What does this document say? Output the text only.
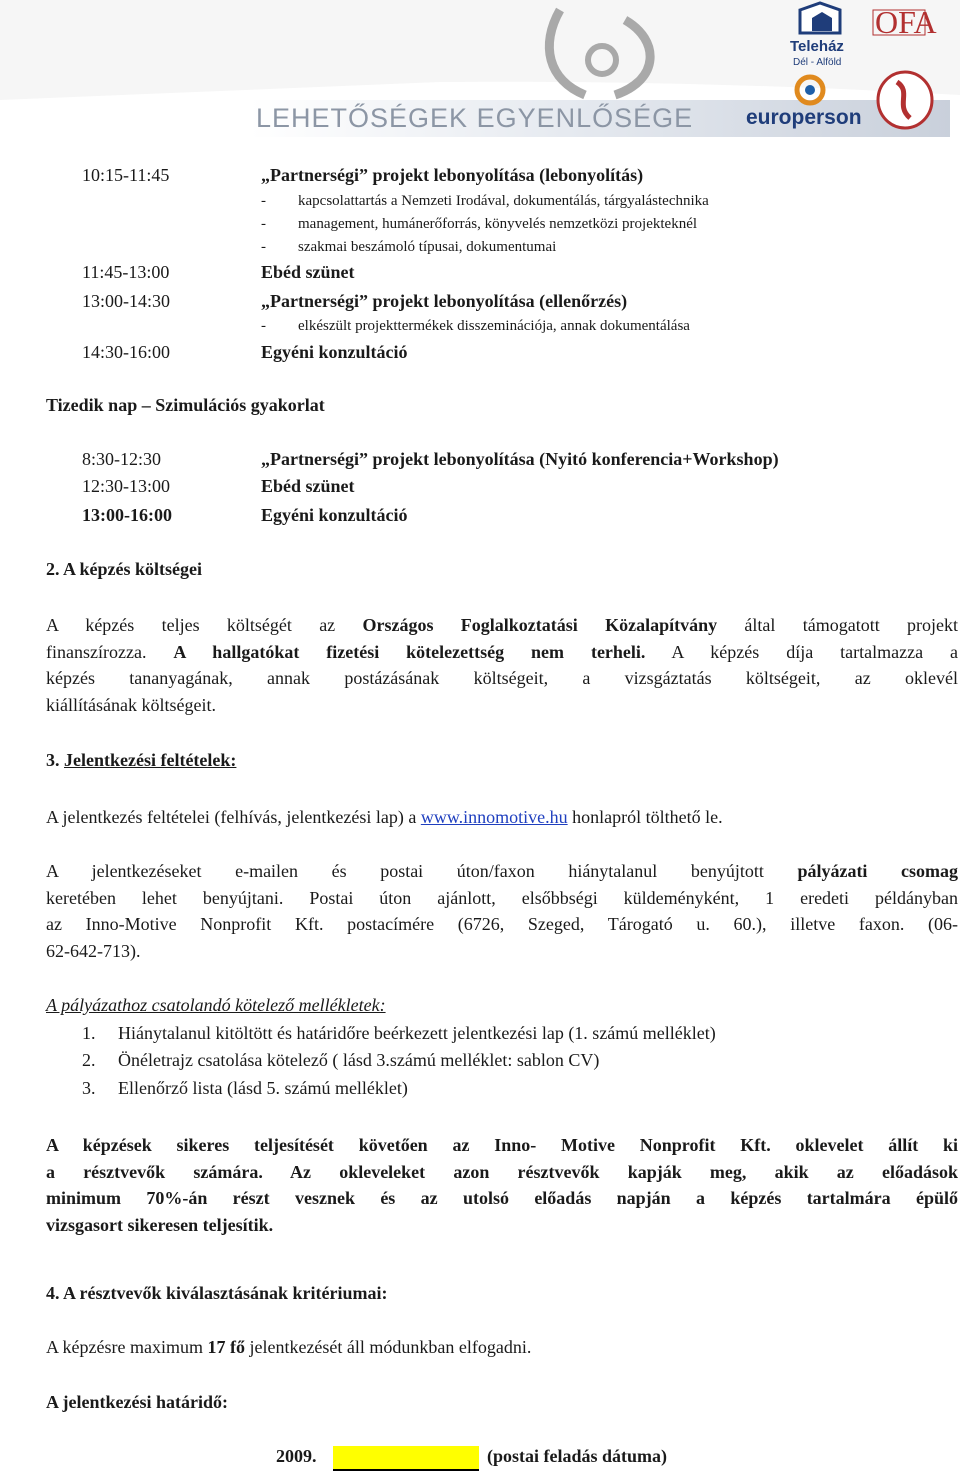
LEHETŐSÉGEK EGYENLŐSÉGE
Teleház
Dél - Alföld
OFA
europerson
10:15-11:45	„Partnerségi” projekt lebonyolítása (lebonyolítás)
- kapcsolattartás a Nemzeti Irodával, dokumentálás, tárgyalástechnika
- management, humánerőforrás, könyvelés nemzetközi projekteknél
- szakmai beszámoló típusai, dokumentumai
11:45-13:00	Ebéd szünet
13:00-14:30	„Partnerségi” projekt lebonyolítása (ellenőrzés)
- elkészült projekttermékek disszeminációja, annak dokumentálása
14:30-16:00	Egyéni konzultáció
Tizedik nap – Szimulációs gyakorlat
8:30-12:30	„Partnerségi” projekt lebonyolítása (Nyitó konferencia+Workshop)
12:30-13:00	Ebéd szünet
13:00-16:00	Egyéni konzultáció
2. A képzés költségei
A képzés teljes költségét az Országos Foglalkoztatási Közalapítvány által támogatott projekt
finanszírozza. A hallgatókat fizetési kötelezettség nem terheli. A képzés díja tartalmazza a
képzés tananyagának, annak postázásának költségeit, a vizsgáztatás költségeit, az oklevél
kiállításának költségeit.
3. Jelentkezési feltételek:
A jelentkezés feltételei (felhívás, jelentkezési lap) a www.innomotive.hu honlapról tölthető le.
A jelentkezéseket e-mailen és postai úton/faxon hiánytalanul benyújtott pályázati csomag
keretében lehet benyújtani. Postai úton ajánlott, elsőbbségi küldeményként, 1 eredeti példányban
az Inno-Motive Nonprofit Kft. postacímére (6726, Szeged, Tárogató u. 60.), illetve faxon. (06-
62-642-713).
A pályázathoz csatolandó kötelező mellékletek:
1. Hiánytalanul kitöltött és határidőre beérkezett jelentkezési lap (1. számú melléklet)
2. Önéletrajz csatolása kötelező ( lásd 3.számú melléklet: sablon CV)
3. Ellenőrző lista (lásd 5. számú melléklet)
A képzések sikeres teljesítését követően az Inno- Motive Nonprofit Kft. oklevelet állít ki
a résztvevők számára. Az okleveleket azon résztvevők kapják meg, akik az előadások
minimum 70%-án részt vesznek és az utolsó előadás napján a képzés tartalmára épülő
vizsgasort sikeresen teljesítik.
4. A résztvevők kiválasztásának kritériumai:
A képzésre maximum 17 fő jelentkezését áll módunkban elfogadni.
A jelentkezési határidő:
2009.	(postai feladás dátuma)
